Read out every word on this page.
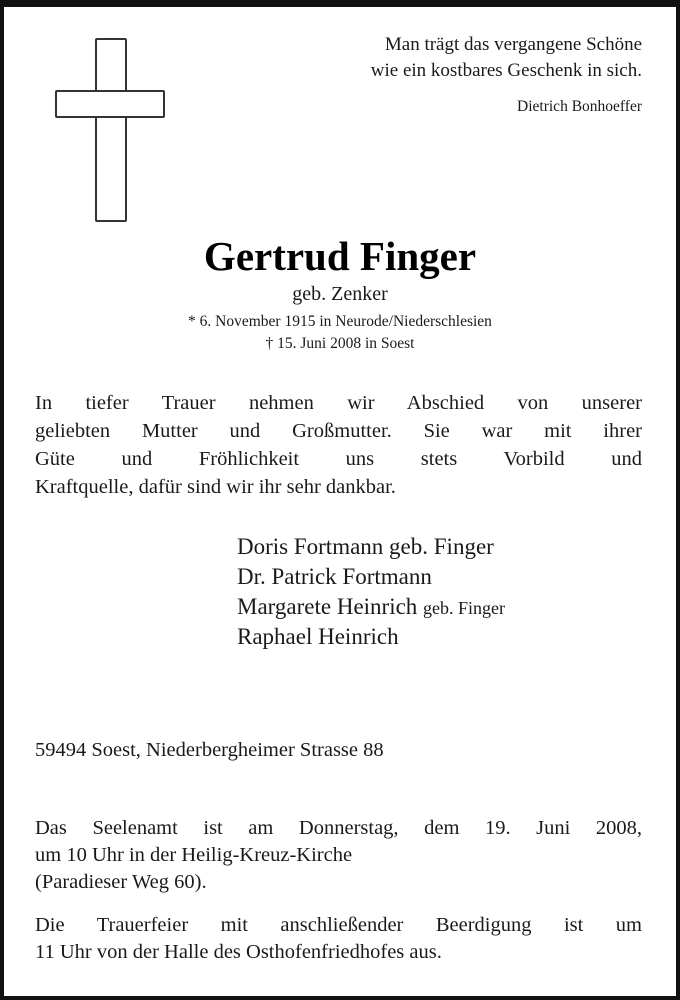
Man trägt das vergangene Schöne
wie ein kostbares Geschenk in sich.
Dietrich Bonhoeffer
Gertrud Finger
geb. Zenker
* 6. November 1915 in Neurode/Niederschlesien
† 15. Juni 2008 in Soest
In tiefer Trauer nehmen wir Abschied von unserer
geliebten Mutter und Großmutter. Sie war mit ihrer
Güte und Fröhlichkeit uns stets Vorbild und
Kraftquelle, dafür sind wir ihr sehr dankbar.
Doris Fortmann geb. Finger
Dr. Patrick Fortmann
Margarete Heinrich geb. Finger
Raphael Heinrich
59494 Soest, Niederbergheimer Strasse 88
Das Seelenamt ist am Donnerstag, dem 19. Juni 2008,
um 10 Uhr in der Heilig-Kreuz-Kirche
(Paradieser Weg 60).
Die Trauerfeier mit anschließender Beerdigung ist um
11 Uhr von der Halle des Osthofenfriedhofes aus.
